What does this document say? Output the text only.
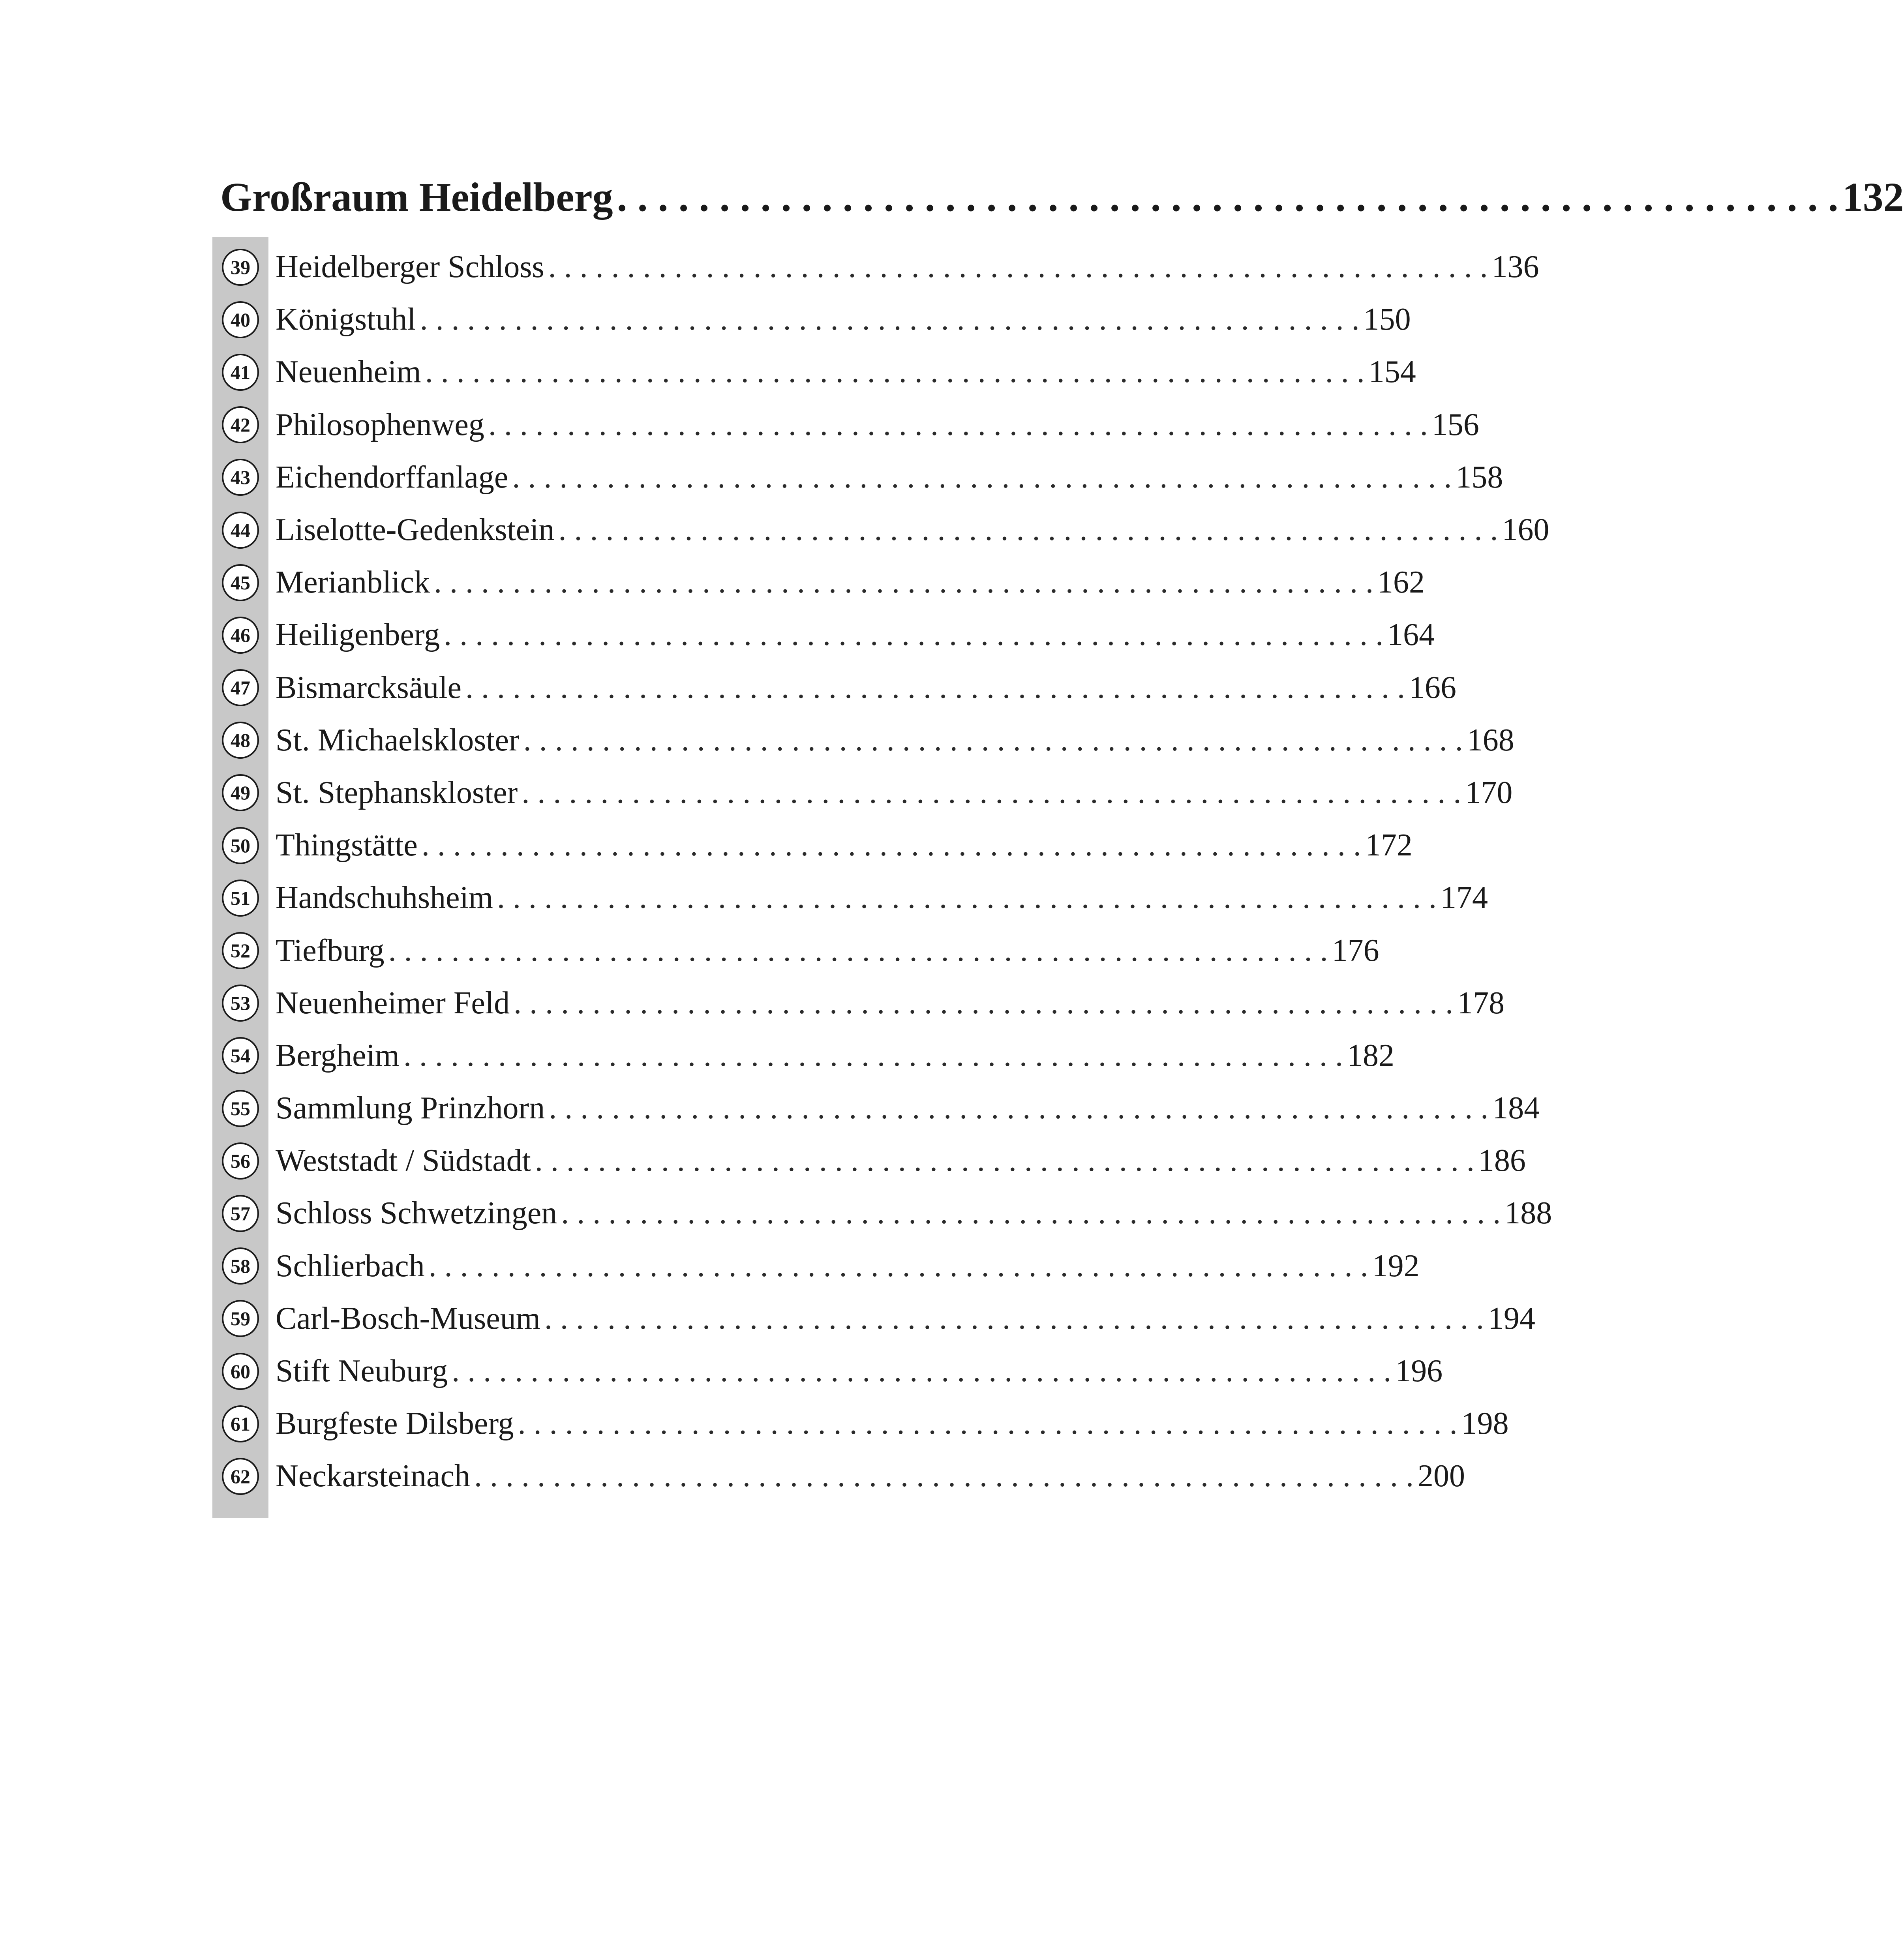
Großraum Heidelberg . . . . . . . . . . . . . . . . . . . . . . . . . . . . . . . . . . . . . . . . . . . . . . . . . . . . . . . . . . . . 132
39 Heidelberger Schloss . . . . . . . . . . . . . . . . . . . . . . . . . . . . . . . . . . . . . . . . . . . . . . . . . . . . . . . . . . . . 136
40 Königstuhl . . . . . . . . . . . . . . . . . . . . . . . . . . . . . . . . . . . . . . . . . . . . . . . . . . . . . . . . . . . . 150
41 Neuenheim . . . . . . . . . . . . . . . . . . . . . . . . . . . . . . . . . . . . . . . . . . . . . . . . . . . . . . . . . . . . 154
42 Philosophenweg . . . . . . . . . . . . . . . . . . . . . . . . . . . . . . . . . . . . . . . . . . . . . . . . . . . . . . . . . . . . 156
43 Eichendorffanlage . . . . . . . . . . . . . . . . . . . . . . . . . . . . . . . . . . . . . . . . . . . . . . . . . . . . . . . . . . . . 158
44 Liselotte-Gedenkstein . . . . . . . . . . . . . . . . . . . . . . . . . . . . . . . . . . . . . . . . . . . . . . . . . . . . . . . . . . . . 160
45 Merianblick . . . . . . . . . . . . . . . . . . . . . . . . . . . . . . . . . . . . . . . . . . . . . . . . . . . . . . . . . . . . 162
46 Heiligenberg . . . . . . . . . . . . . . . . . . . . . . . . . . . . . . . . . . . . . . . . . . . . . . . . . . . . . . . . . . . . 164
47 Bismarcksäule . . . . . . . . . . . . . . . . . . . . . . . . . . . . . . . . . . . . . . . . . . . . . . . . . . . . . . . . . . . . 166
48 St. Michaelskloster . . . . . . . . . . . . . . . . . . . . . . . . . . . . . . . . . . . . . . . . . . . . . . . . . . . . . . . . . . . . 168
49 St. Stephanskloster . . . . . . . . . . . . . . . . . . . . . . . . . . . . . . . . . . . . . . . . . . . . . . . . . . . . . . . . . . . . 170
50 Thingstätte . . . . . . . . . . . . . . . . . . . . . . . . . . . . . . . . . . . . . . . . . . . . . . . . . . . . . . . . . . . . 172
51 Handschuhsheim . . . . . . . . . . . . . . . . . . . . . . . . . . . . . . . . . . . . . . . . . . . . . . . . . . . . . . . . . . . . 174
52 Tiefburg . . . . . . . . . . . . . . . . . . . . . . . . . . . . . . . . . . . . . . . . . . . . . . . . . . . . . . . . . . . . 176
53 Neuenheimer Feld . . . . . . . . . . . . . . . . . . . . . . . . . . . . . . . . . . . . . . . . . . . . . . . . . . . . . . . . . . . . 178
54 Bergheim . . . . . . . . . . . . . . . . . . . . . . . . . . . . . . . . . . . . . . . . . . . . . . . . . . . . . . . . . . . . 182
55 Sammlung Prinzhorn . . . . . . . . . . . . . . . . . . . . . . . . . . . . . . . . . . . . . . . . . . . . . . . . . . . . . . . . . . . . 184
56 Weststadt / Südstadt . . . . . . . . . . . . . . . . . . . . . . . . . . . . . . . . . . . . . . . . . . . . . . . . . . . . . . . . . . . . 186
57 Schloss Schwetzingen . . . . . . . . . . . . . . . . . . . . . . . . . . . . . . . . . . . . . . . . . . . . . . . . . . . . . . . . . . . . 188
58 Schlierbach . . . . . . . . . . . . . . . . . . . . . . . . . . . . . . . . . . . . . . . . . . . . . . . . . . . . . . . . . . . . 192
59 Carl-Bosch-Museum . . . . . . . . . . . . . . . . . . . . . . . . . . . . . . . . . . . . . . . . . . . . . . . . . . . . . . . . . . . . 194
60 Stift Neuburg . . . . . . . . . . . . . . . . . . . . . . . . . . . . . . . . . . . . . . . . . . . . . . . . . . . . . . . . . . . . 196
61 Burgfeste Dilsberg . . . . . . . . . . . . . . . . . . . . . . . . . . . . . . . . . . . . . . . . . . . . . . . . . . . . . . . . . . . . 198
62 Neckarsteinach . . . . . . . . . . . . . . . . . . . . . . . . . . . . . . . . . . . . . . . . . . . . . . . . . . . . . . . . . . . . 200
